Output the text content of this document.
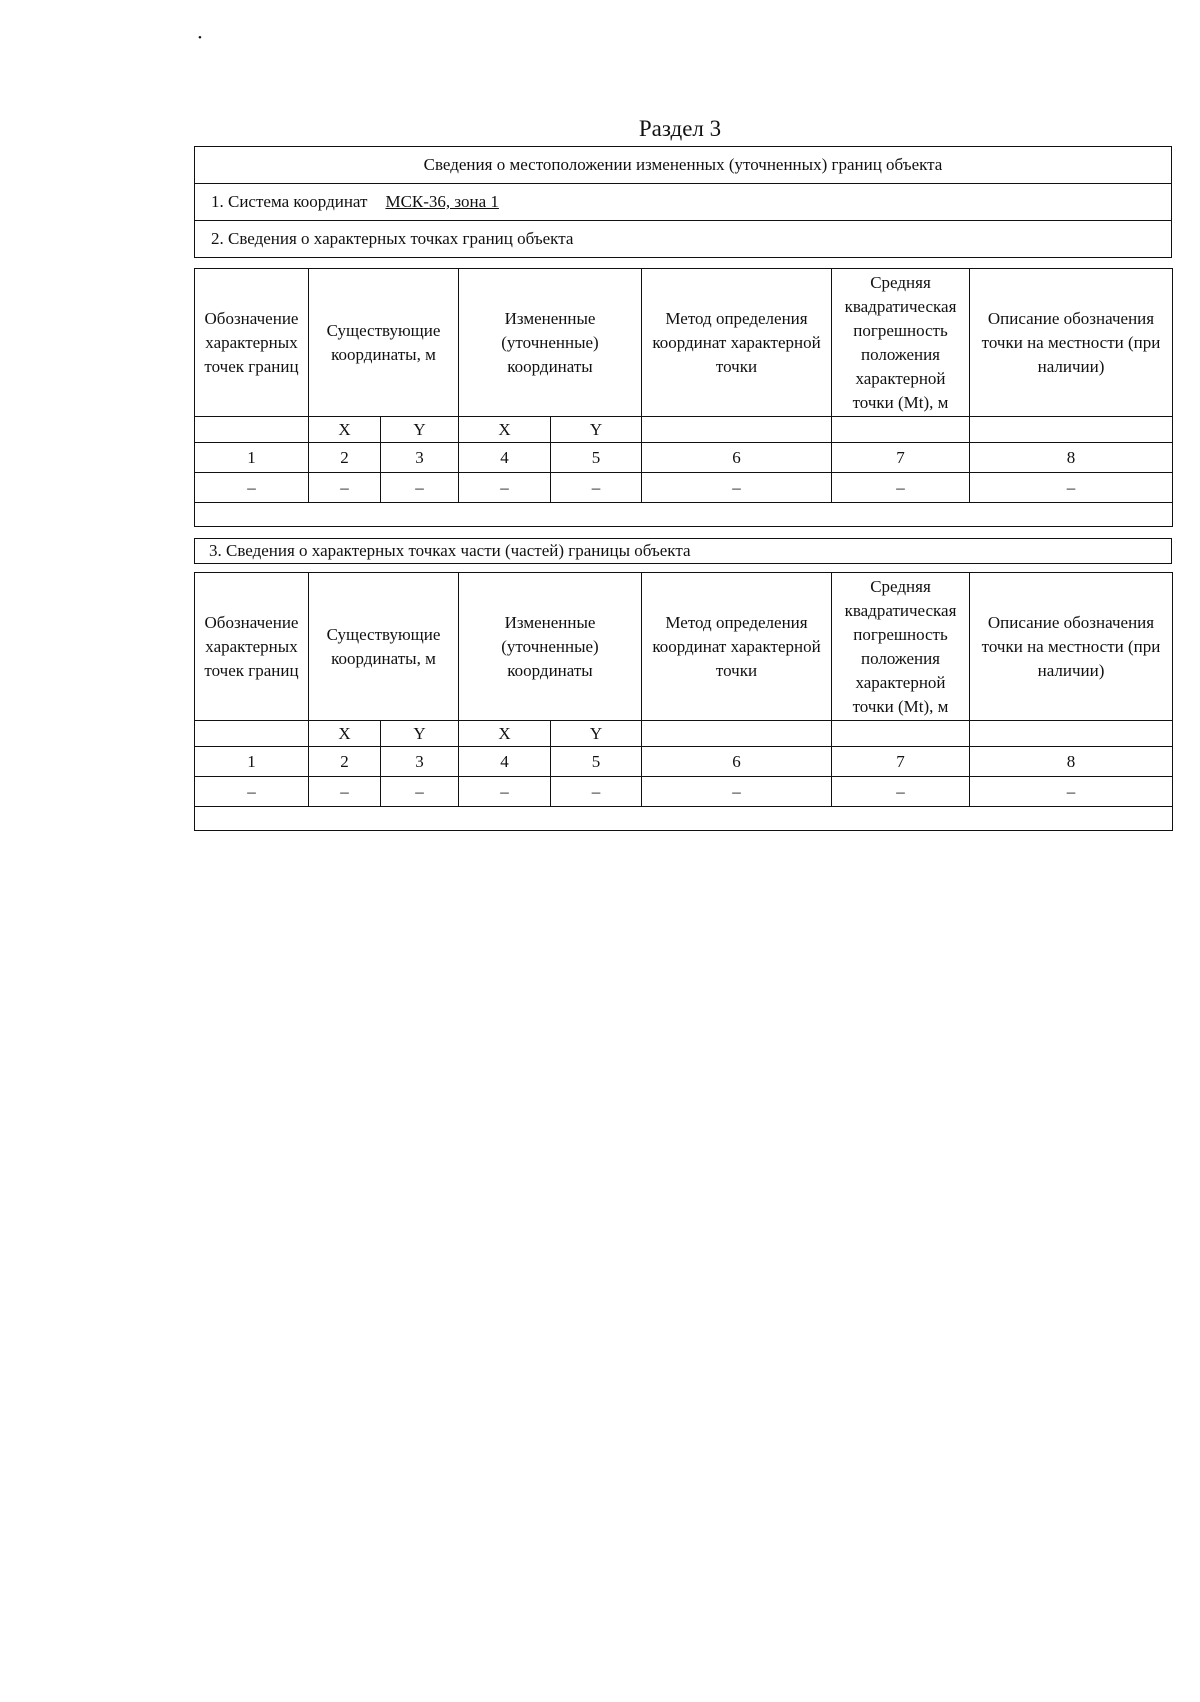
•
Раздел 3
Сведения о местоположении измененных (уточненных) границ объекта
1. Система координат МСК-36, зона 1
2. Сведения о характерных точках границ объекта
Обозначение характерных точек границ	Существующие координаты, м		Измененные (уточненные) координаты		Метод определения координат характерной точки	Средняя квадратическая погрешность положения характерной точки (Mt), м	Описание обозначения точки на местности (при наличии)
	X	Y	X	Y			
1	2	3	4	5	6	7	8
–	–	–	–	–	–	–	–

3. Сведения о характерных точках части (частей) границы объекта
Обозначение характерных точек границ	Существующие координаты, м		Измененные (уточненные) координаты		Метод определения координат характерной точки	Средняя квадратическая погрешность положения характерной точки (Mt), м	Описание обозначения точки на местности (при наличии)
	X	Y	X	Y			
1	2	3	4	5	6	7	8
–	–	–	–	–	–	–	–
